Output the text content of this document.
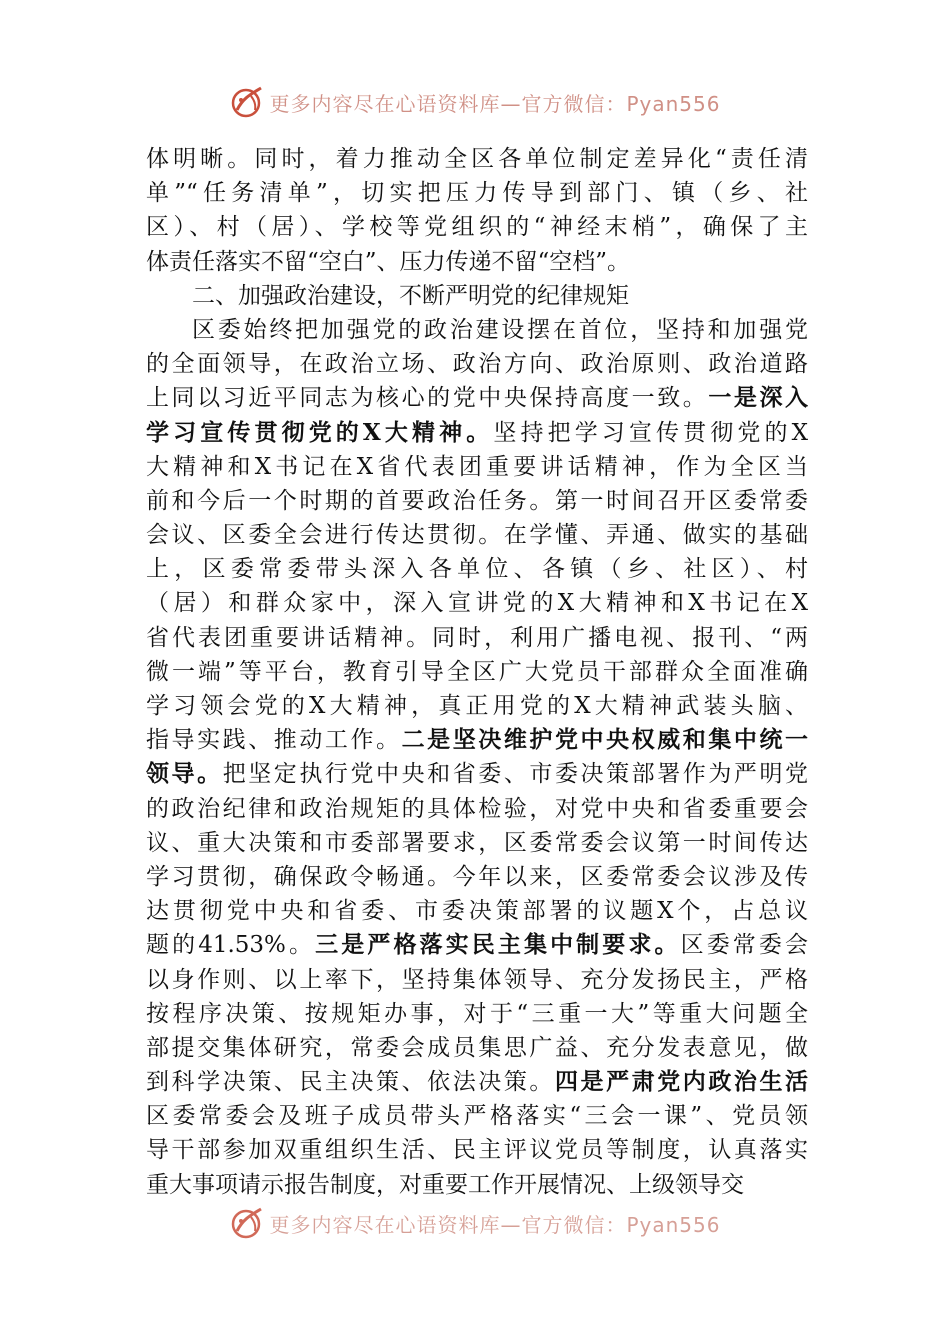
更多内容尽在心语资料库—官方微信：Pyan556
体明晰。同时，着力推动全区各单位制定差异化“责任清
单”“任务清单”，切实把压力传导到部门、镇（乡、社
区）、村（居）、学校等党组织的“神经末梢”，确保了主
体责任落实不留“空白”、压力传递不留“空档”。
二、加强政治建设，不断严明党的纪律规矩
区委始终把加强党的政治建设摆在首位，坚持和加强党
的全面领导，在政治立场、政治方向、政治原则、政治道路
上同以习近平同志为核心的党中央保持高度一致。一是深入
学习宣传贯彻党的X大精神。坚持把学习宣传贯彻党的X
大精神和X书记在X省代表团重要讲话精神，作为全区当
前和今后一个时期的首要政治任务。第一时间召开区委常委
会议、区委全会进行传达贯彻。在学懂、弄通、做实的基础
上，区委常委带头深入各单位、各镇（乡、社区）、村
（居）和群众家中，深入宣讲党的X大精神和X书记在X
省代表团重要讲话精神。同时，利用广播电视、报刊、“两
微一端”等平台，教育引导全区广大党员干部群众全面准确
学习领会党的X大精神，真正用党的X大精神武装头脑、
指导实践、推动工作。二是坚决维护党中央权威和集中统一
领导。把坚定执行党中央和省委、市委决策部署作为严明党
的政治纪律和政治规矩的具体检验，对党中央和省委重要会
议、重大决策和市委部署要求，区委常委会议第一时间传达
学习贯彻，确保政令畅通。今年以来，区委常委会议涉及传
达贯彻党中央和省委、市委决策部署的议题X个，占总议
题的41.53%。三是严格落实民主集中制要求。区委常委会
以身作则、以上率下，坚持集体领导、充分发扬民主，严格
按程序决策、按规矩办事，对于“三重一大”等重大问题全
部提交集体研究，常委会成员集思广益、充分发表意见，做
到科学决策、民主决策、依法决策。四是严肃党内政治生活
区委常委会及班子成员带头严格落实“三会一课”、党员领
导干部参加双重组织生活、民主评议党员等制度，认真落实
重大事项请示报告制度，对重要工作开展情况、上级领导交
更多内容尽在心语资料库—官方微信：Pyan556
